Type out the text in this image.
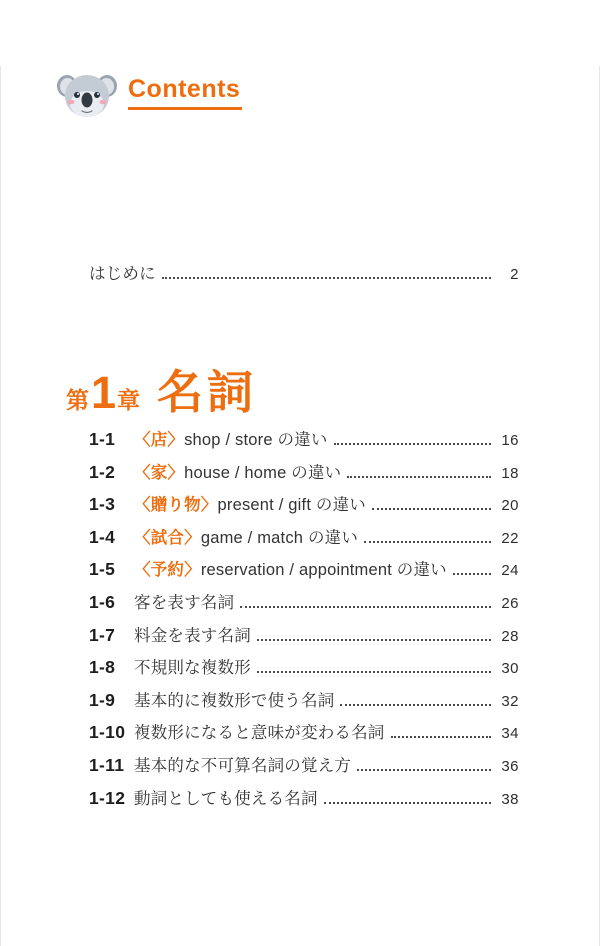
Contents
はじめに	2
第 1 章 名詞
1-1	〈店〉shop / store の違い	16
1-2	〈家〉house / home の違い	18
1-3	〈贈り物〉present / gift の違い	20
1-4	〈試合〉game / match の違い	22
1-5	〈予約〉reservation / appointment の違い	24
1-6	客を表す名詞	26
1-7	料金を表す名詞	28
1-8	不規則な複数形	30
1-9	基本的に複数形で使う名詞	32
1-10 複数形になると意味が変わる名詞	34
1-11 基本的な不可算名詞の覚え方	36
1-12 動詞としても使える名詞	38
